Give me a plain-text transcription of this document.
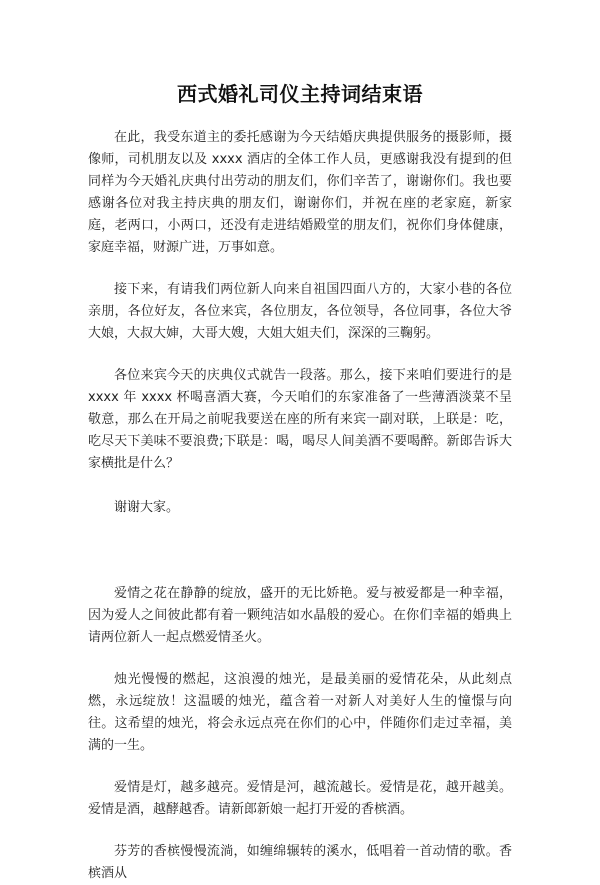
西式婚礼司仪主持词结束语

在此，我受东道主的委托感谢为今天结婚庆典提供服务的摄影师，摄像师，司机朋友以及 xxxx 酒店的全体工作人员，更感谢我没有提到的但同样为今天婚礼庆典付出劳动的朋友们，你们辛苦了，谢谢你们。我也要感谢各位对我主持庆典的朋友们，谢谢你们，并祝在座的老家庭，新家庭，老两口，小两口，还没有走进结婚殿堂的朋友们，祝你们身体健康，家庭幸福，财源广进，万事如意。

接下来，有请我们两位新人向来自祖国四面八方的，大家小巷的各位亲朋，各位好友，各位来宾，各位朋友，各位领导，各位同事，各位大爷大娘，大叔大婶，大哥大嫂，大姐大姐夫们，深深的三鞠躬。

各位来宾今天的庆典仪式就告一段落。那么，接下来咱们要进行的是 xxxx 年 xxxx 杯喝喜酒大赛，今天咱们的东家准备了一些薄酒淡菜不呈敬意，那么在开局之前呢我要送在座的所有来宾一副对联，上联是：吃，吃尽天下美味不要浪费;下联是：喝，喝尽人间美酒不要喝醉。新郎告诉大家横批是什么？

谢谢大家。

爱情之花在静静的绽放，盛开的无比娇艳。爱与被爱都是一种幸福，因为爱人之间彼此都有着一颗纯洁如水晶般的爱心。在你们幸福的婚典上请两位新人一起点燃爱情圣火。

烛光慢慢的燃起，这浪漫的烛光，是最美丽的爱情花朵，从此刻点燃，永远绽放！这温暖的烛光，蕴含着一对新人对美好人生的憧憬与向往。这希望的烛光，将会永远点亮在你们的心中，伴随你们走过幸福，美满的一生。

爱情是灯，越多越亮。爱情是河，越流越长。爱情是花，越开越美。爱情是酒，越酵越香。请新郎新娘一起打开爱的香槟酒。

芬芳的香槟慢慢流淌，如缠绵辗转的溪水，低唱着一首动情的歌。香槟酒从
